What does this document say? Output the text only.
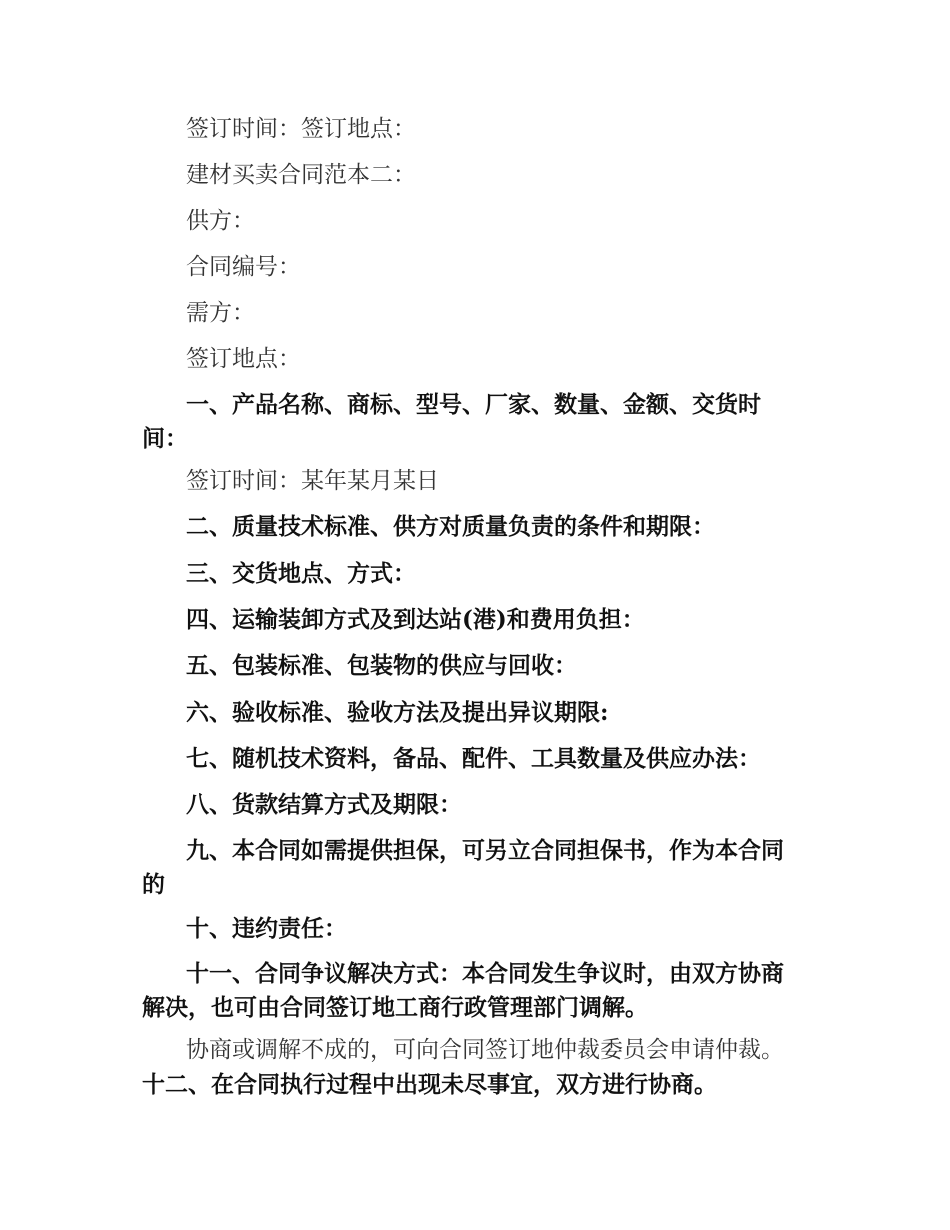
签订时间：签订地点：
建材买卖合同范本二：
供方：
合同编号：
需方：
签订地点：
一、产品名称、商标、型号、厂家、数量、金额、交货时间：
签订时间：某年某月某日
二、质量技术标准、供方对质量负责的条件和期限：
三、交货地点、方式：
四、运输装卸方式及到达站(港)和费用负担：
五、包装标准、包装物的供应与回收：
六、验收标准、验收方法及提出异议期限:
七、随机技术资料，备品、配件、工具数量及供应办法：
八、货款结算方式及期限：
九、本合同如需提供担保，可另立合同担保书，作为本合同的
十、违约责任：
十一、合同争议解决方式：本合同发生争议时，由双方协商解决，也可由合同签订地工商行政管理部门调解。
协商或调解不成的，可向合同签订地仲裁委员会申请仲裁。
十二、在合同执行过程中出现未尽事宜，双方进行协商。
